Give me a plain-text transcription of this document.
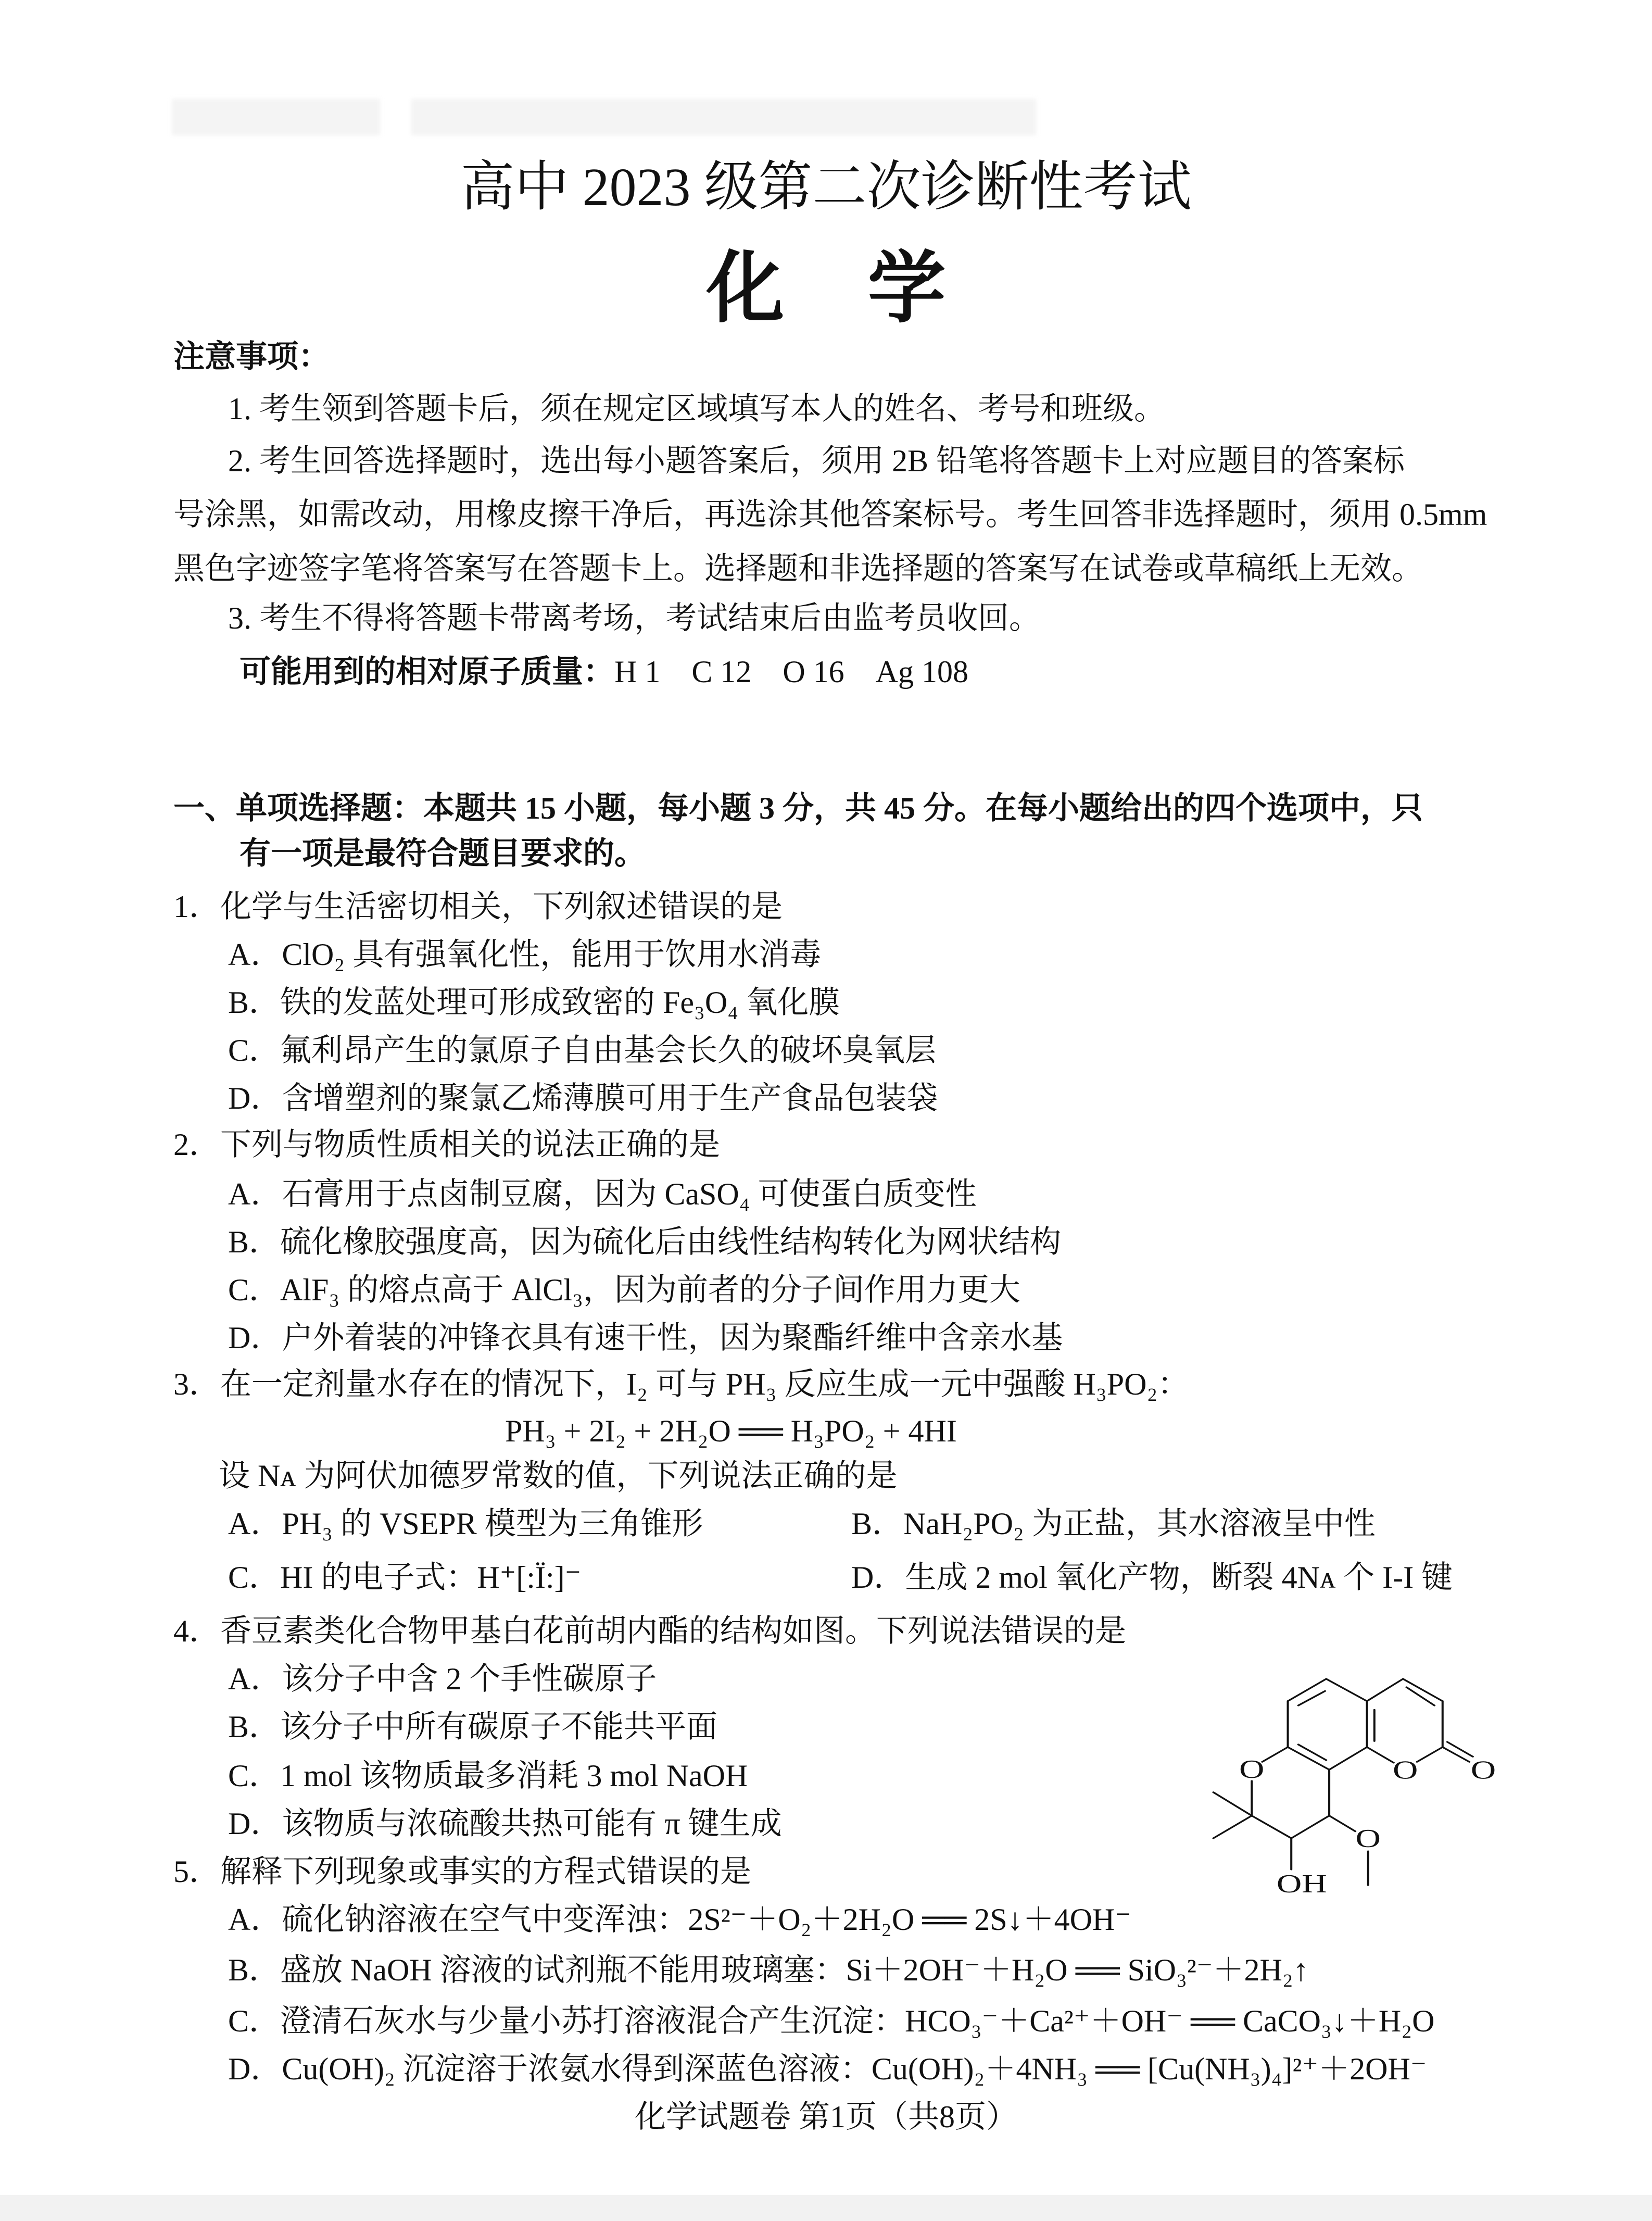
高中 2023 级第二次诊断性考试
化学
注意事项：
1. 考生领到答题卡后，须在规定区域填写本人的姓名、考号和班级。
2. 考生回答选择题时，选出每小题答案后，须用 2B 铅笔将答题卡上对应题目的答案标
号涂黑，如需改动，用橡皮擦干净后，再选涂其他答案标号。考生回答非选择题时，须用 0.5mm
黑色字迹签字笔将答案写在答题卡上。选择题和非选择题的答案写在试卷或草稿纸上无效。
3. 考生不得将答题卡带离考场，考试结束后由监考员收回。
可能用到的相对原子质量：H 1　C 12　O 16　Ag 108
一、单项选择题：本题共 15 小题，每小题 3 分，共 45 分。在每小题给出的四个选项中，只
有一项是最符合题目要求的。
1．化学与生活密切相关，下列叙述错误的是
A．ClO₂ 具有强氧化性，能用于饮用水消毒
B．铁的发蓝处理可形成致密的 Fe₃O₄ 氧化膜
C．氟利昂产生的氯原子自由基会长久的破坏臭氧层
D．含增塑剂的聚氯乙烯薄膜可用于生产食品包装袋
2．下列与物质性质相关的说法正确的是
A．石膏用于点卤制豆腐，因为 CaSO₄ 可使蛋白质变性
B．硫化橡胶强度高，因为硫化后由线性结构转化为网状结构
C．AlF₃ 的熔点高于 AlCl₃，因为前者的分子间作用力更大
D．户外着装的冲锋衣具有速干性，因为聚酯纤维中含亲水基
3．在一定剂量水存在的情况下，I₂ 可与 PH₃ 反应生成一元中强酸 H₃PO₂：
PH₃ + 2I₂ + 2H₂O ══ H₃PO₂ + 4HI
设 Nᴀ 为阿伏加德罗常数的值，下列说法正确的是
A．PH₃ 的 VSEPR 模型为三角锥形	B．NaH₂PO₂ 为正盐，其水溶液呈中性
C．HI 的电子式：H⁺[:Ï:]⁻	D．生成 2 mol 氧化产物，断裂 4Nᴀ 个 I-I 键
4．香豆素类化合物甲基白花前胡内酯的结构如图。下列说法错误的是
A．该分子中含 2 个手性碳原子
B．该分子中所有碳原子不能共平面
C．1 mol 该物质最多消耗 3 mol NaOH
D．该物质与浓硫酸共热可能有 π 键生成
O O O
O
OH
5．解释下列现象或事实的方程式错误的是
A．硫化钠溶液在空气中变浑浊：2S²⁻＋O₂＋2H₂O ══ 2S↓＋4OH⁻
B．盛放 NaOH 溶液的试剂瓶不能用玻璃塞：Si＋2OH⁻＋H₂O ══ SiO₃²⁻＋2H₂↑
C．澄清石灰水与少量小苏打溶液混合产生沉淀：HCO₃⁻＋Ca²⁺＋OH⁻ ══ CaCO₃↓＋H₂O
D．Cu(OH)₂ 沉淀溶于浓氨水得到深蓝色溶液：Cu(OH)₂＋4NH₃ ══ [Cu(NH₃)₄]²⁺＋2OH⁻
化学试题卷 第1页（共8页）
